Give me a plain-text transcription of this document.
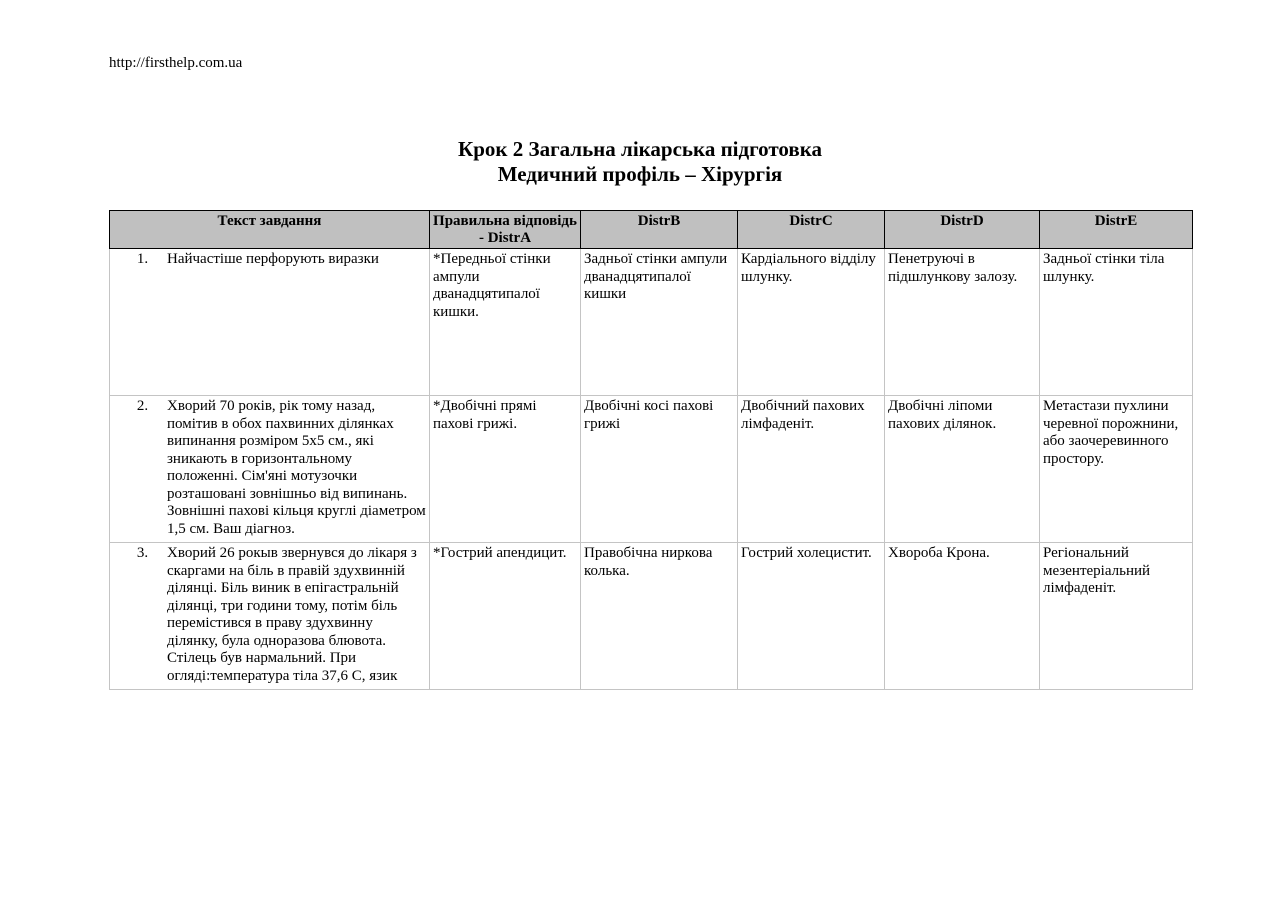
http://firsthelp.com.ua
Крок 2 Загальна лікарська підготовка
Медичний профіль – Хірургія
Текст завдання	Правильна відповідь - DistrA	DistrB	DistrC	DistrD	DistrE

1. Найчастіше перфорують виразки	*Передньої стінки ампули дванадцятипалої кишки.	Задньої стінки ампули дванадцятипалої кишки	Кардіального відділу шлунку.	Пенетруючі в підшлункову залозу.	Задньої стінки тіла шлунку.

2. Хворий 70 років, рік тому назад, помітив в обох пахвинних ділянках випинання розміром 5х5 см., які зникають в горизонтальному положенні. Сім'яні мотузочки розташовані зовнішньо від випинань. Зовнішні пахові кільця круглі діаметром 1,5 см. Ваш діагноз.	*Двобічні прямі пахові грижі.	Двобічні косі пахові грижі	Двобічний пахових лімфаденіт.	Двобічні ліпоми пахових ділянок.	Метастази пухлини черевної порожнини, або заочеревинного простору.

3. Хворий 26 рокыв звернувся до лікаря з скаргами на біль в правій здухвинній ділянці. Біль виник в епігастральній ділянці, три години тому, потім біль перемістився в праву здухвинну ділянку, була одноразова блювота. Стілець був нармальний. При огляді:температура тіла 37,6 С, язик	*Гострий апендицит.	Правобічна ниркова колька.	Гострий холецистит.	Хвороба Крона.	Регіональний мезентеріальний лімфаденіт.
